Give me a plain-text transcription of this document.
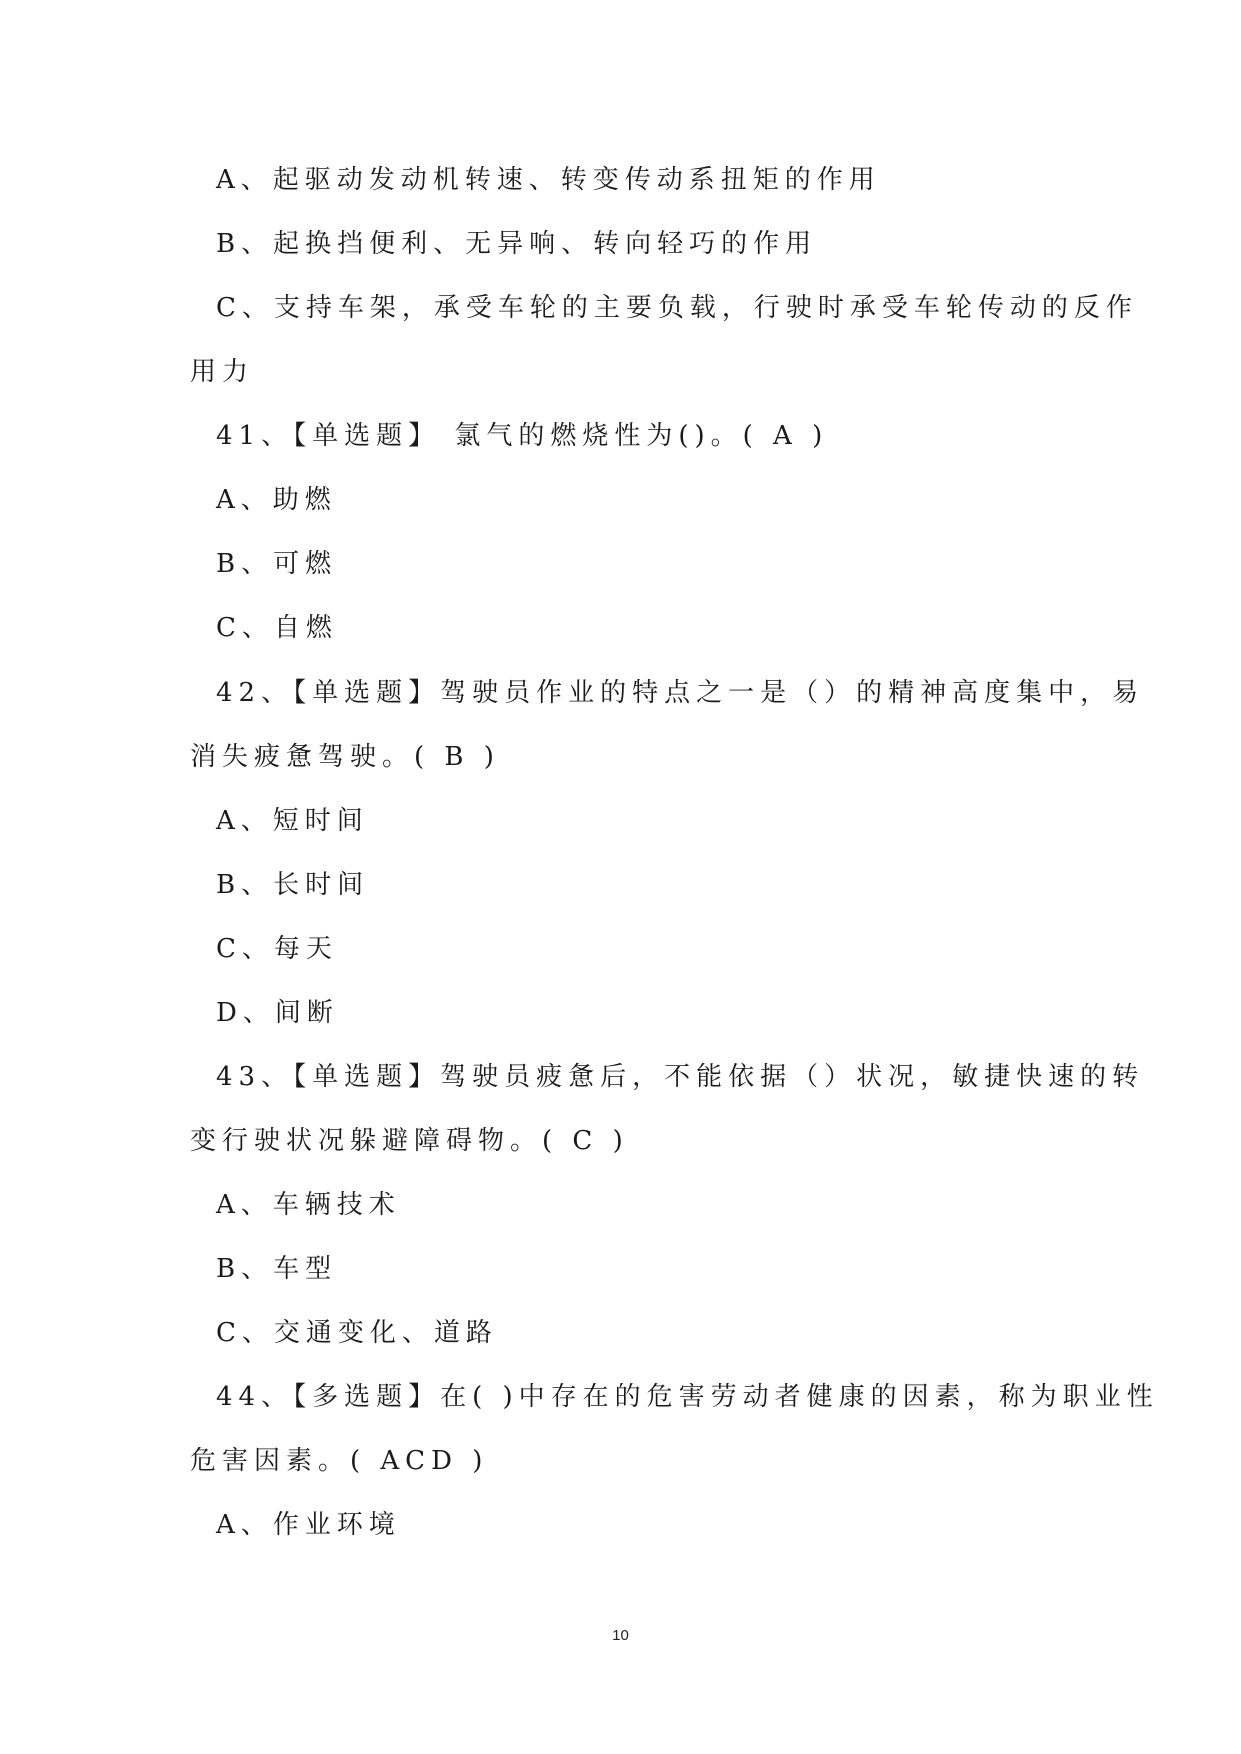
A、起驱动发动机转速、转变传动系扭矩的作用
B、起换挡便利、无异响、转向轻巧的作用
C、支持车架，承受车轮的主要负载，行驶时承受车轮传动的反作
用力
41、【单选题】 氯气的燃烧性为()。( A )
A、助燃
B、可燃
C、自燃
42、【单选题】驾驶员作业的特点之一是（）的精神高度集中，易
消失疲惫驾驶。( B )
A、短时间
B、长时间
C、每天
D、间断
43、【单选题】驾驶员疲惫后，不能依据（）状况，敏捷快速的转
变行驶状况躲避障碍物。( C )
A、车辆技术
B、车型
C、交通变化、道路
44、【多选题】在( )中存在的危害劳动者健康的因素，称为职业性
危害因素。( ACD )
A、作业环境
10
